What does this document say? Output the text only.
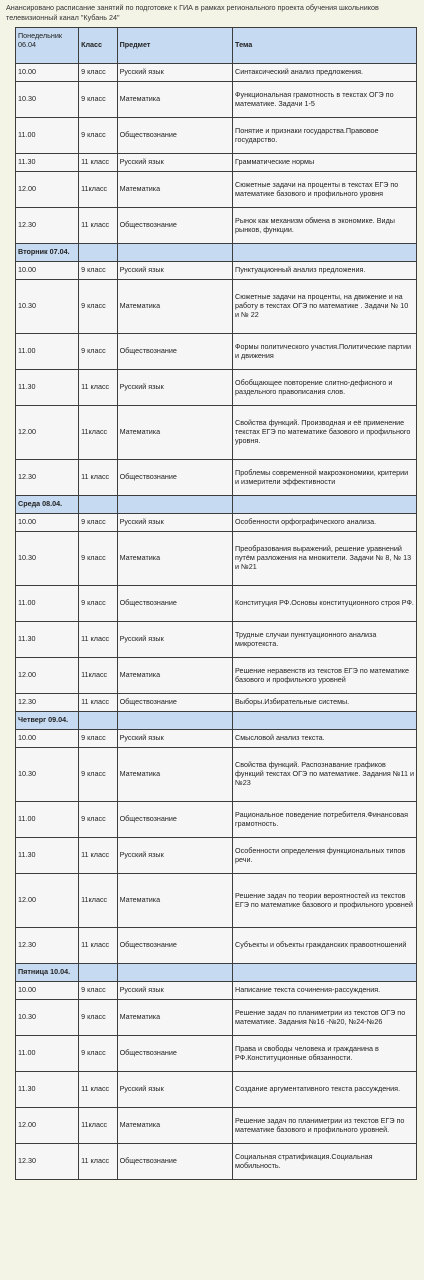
Анансировано расписание занятий по подготовке к ГИА в рамках регионального проекта обучения школьников телевизионный канал "Кубань 24"
Понедельник 06.04	Класс	Предмет	Тема
10.00	9 класс	Русский язык	Синтаксический анализ предложения.
10.30	9 класс	Математика	Функциональная грамотность в текстах ОГЭ по математике. Задачи 1-5
11.00	9 класс	Обществознание	Понятие и признаки государства.Правовое государство.
11.30	11 класс	Русский язык	Грамматические нормы
12.00	11класс	Математика	Сюжетные задачи на проценты в текстах ЕГЭ по математике базового и профильного уровня
12.30	11 класс	Обществознание	Рынок как механизм обмена в экономике. Виды рынков, функции.
Вторник 07.04.			
10.00	9 класс	Русский язык	Пунктуационный анализ предложения.
10.30	9 класс	Математика	Сюжетные задачи на проценты, на движение и на работу в текстах ОГЭ по математике . Задачи № 10 и № 22
11.00	9 класс	Обществознание	Формы политического участия.Политические партии и движения
11.30	11 класс	Русский язык	Обобщающее повторение слитно-дефисного и раздельного правописания слов.
12.00	11класс	Математика	Свойства функций. Производная и её применение текстах ЕГЭ по математике базового и профильного уровня.
12.30	11 класс	Обществознание	Проблемы современной макроэкономики, критерии и измерители эффективности
Среда 08.04.			
10.00	9 класс	Русский язык	Особенности орфографического анализа.
10.30	9 класс	Математика	Преобразования выражений, решение уравнений путём разложения на множители. Задачи № 8, № 13 и №21
11.00	9 класс	Обществознание	Конституция РФ.Основы конституционного строя РФ.
11.30	11 класс	Русский язык	Трудные случаи пунктуационного анализа микротекста.
12.00	11класс	Математика	Решение неравенств из текстов ЕГЭ по математике базового и профильного уровней
12.30	11 класс	Обществознание	Выборы.Избирательные системы.
Четверг 09.04.			
10.00	9 класс	Русский язык	Смысловой анализ текста.
10.30	9 класс	Математика	Свойства функций. Распознавание графиков функций текстах ОГЭ по математике. Задания №11 и №23
11.00	9 класс	Обществознание	Рациональное поведение потребителя.Финансовая грамотность.
11.30	11 класс	Русский язык	Особенности определения функциональных типов речи.
12.00	11класс	Математика	Решение задач по теории вероятностей из текстов ЕГЭ по математике базового и профильного уровней
12.30	11 класс	Обществознание	Субъекты и объекты гражданских правоотношений
Пятница 10.04.			
10.00	9 класс	Русский язык	Написание текста сочинения-рассуждения.
10.30	9 класс	Математика	Решение задач по планиметрии из текстов ОГЭ по математике. Задания №16 -№20, №24-№26
11.00	9 класс	Обществознание	Права и свободы человека и гражданина в РФ.Конституционные обязанности.
11.30	11 класс	Русский язык	Создание аргументативного текста рассуждения.
12.00	11класс	Математика	Решение задач по планиметрии из текстов ЕГЭ по математике базового и профильного уровней.
12.30	11 класс	Обществознание	Социальная стратификация.Социальная мобильность.
